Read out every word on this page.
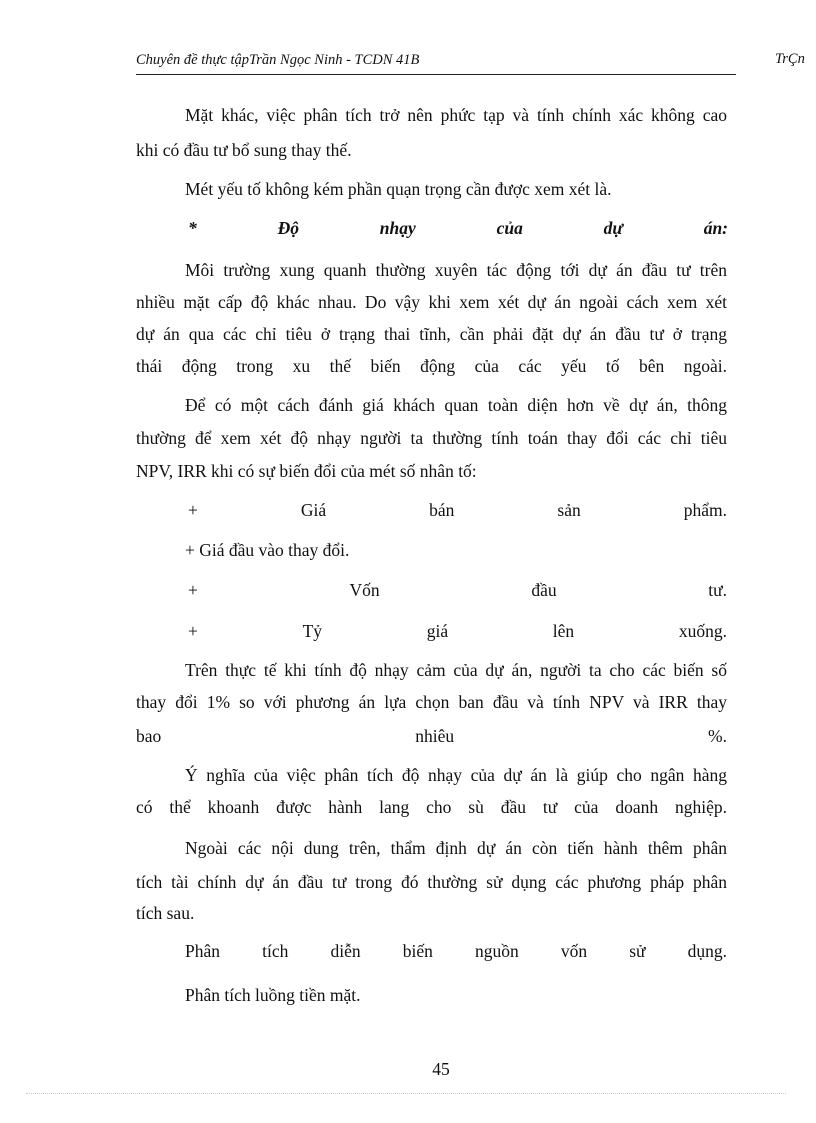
Chuyên đề thực tậpTrần Ngọc Ninh - TCDN 41B	TrÇn
Mặt khác, việc phân tích trở nên phức tạp và tính chính xác không cao
khi có đầu tư bổ sung thay thế.
Mét yếu tố không kém phần quạn trọng cần được xem xét là.
*	Độ	nhạy	của	dự	án:
Môi trường xung quanh thường xuyên tác động tới dự án đầu tư trên
nhiều mặt cấp độ khác nhau. Do vậy khi xem xét dự án ngoài cách xem xét
dự án qua các chỉ tiêu ở trạng thai tĩnh, cần phải đặt dự án đầu tư ở trạng
thái động trong xu thế biến động của các yếu tố bên ngoài.
Để có một cách đánh giá khách quan toàn diện hơn về dự án, thông
thường để xem xét độ nhạy người ta thường tính toán thay đổi các chỉ tiêu
NPV, IRR khi có sự biến đổi của mét số nhân tố:
+	Giá	bán	sản	phẩm.
+ Giá đầu vào thay đổi.
+	Vốn	đầu	tư.
+	Tỷ	giá	lên	xuống.
Trên thực tế khi tính độ nhạy cảm của dự án, người ta cho các biến số
thay đổi 1% so với phương án lựa chọn ban đầu và tính NPV và IRR thay
bao	nhiêu	%.
Ý nghĩa của việc phân tích độ nhạy của dự án là giúp cho ngân hàng
có thể khoanh được hành lang cho sù đầu tư của doanh nghiệp.
Ngoài các nội dung trên, thẩm định dự án còn tiến hành thêm phân
tích tài chính dự án đầu tư trong đó thường sử dụng các phương pháp phân
tích sau.
Phân tích diễn biến nguồn vốn sử dụng.
Phân tích luồng tiền mặt.
45
